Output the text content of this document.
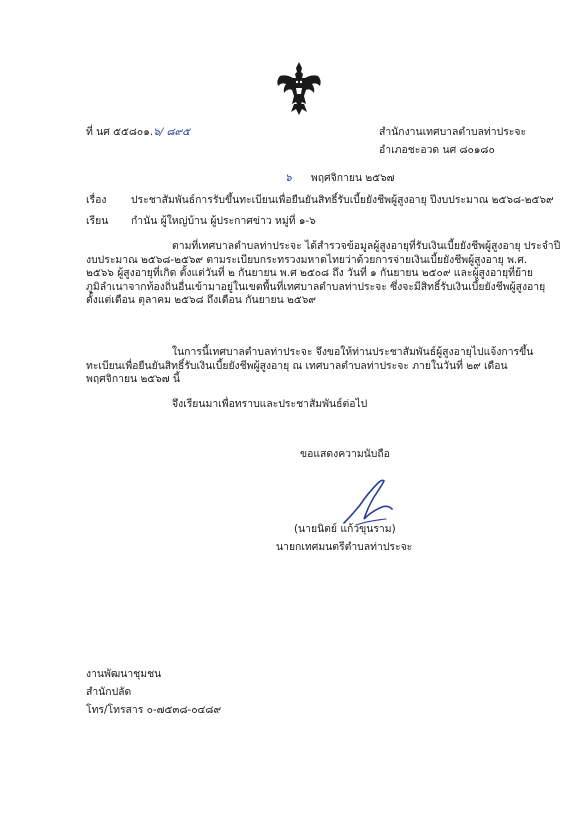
ที่ นศ ๕๕๘๐๑.๖/ ๘๙๕	สำนักงานเทศบาลตำบลท่าประจะ
อำเภอชะอวด นศ ๘๐๑๘๐
๖ พฤศจิกายน ๒๕๖๗
เรื่อง ประชาสัมพันธ์การรับขึ้นทะเบียนเพื่อยืนยันสิทธิ์รับเบี้ยยังชีพผู้สูงอายุ ปีงบประมาณ ๒๕๖๘-๒๕๖๙
เรียน กำนัน ผู้ใหญ่บ้าน ผู้ประกาศข่าว หมู่ที่ ๑-๖
ตามที่เทศบาลตำบลท่าประจะ ได้สำรวจข้อมูลผู้สูงอายุที่รับเงินเบี้ยยังชีพผู้สูงอายุ ประจำปี
งบประมาณ ๒๕๖๘-๒๕๖๙ ตามระเบียบกระทรวงมหาดไทยว่าด้วยการจ่ายเงินเบี้ยยังชีพผู้สูงอายุ พ.ศ.
๒๕๖๖ ผู้สูงอายุที่เกิด ตั้งแต่วันที่ ๒ กันยายน พ.ศ ๒๕๐๘ ถึง วันที่ ๑ กันยายน ๒๕๐๙ และผู้สูงอายุที่ย้าย
ภูมิลำเนาจากท้องถิ่นอื่นเข้ามาอยู่ในเขตพื้นที่เทศบาลตำบลท่าประจะ ซึ่งจะมีสิทธิ์รับเงินเบี้ยยังชีพผู้สูงอายุ
ตั้งแต่เดือน ตุลาคม ๒๕๖๘ ถึงเดือน กันยายน ๒๕๖๙
ในการนี้เทศบาลตำบลท่าประจะ จึงขอให้ท่านประชาสัมพันธ์ผู้สูงอายุไปแจ้งการขึ้น
ทะเบียนเพื่อยืนยันสิทธิ์รับเงินเบี้ยยังชีพผู้สูงอายุ ณ เทศบาลตำบลท่าประจะ ภายในวันที่ ๒๙ เดือน
พฤศจิกายน ๒๕๖๗ นี้
จึงเรียนมาเพื่อทราบและประชาสัมพันธ์ต่อไป
ขอแสดงความนับถือ
(นายนิตย์ แก้วขุนราม)
นายกเทศมนตรีตำบลท่าประจะ
งานพัฒนาชุมชน
สำนักปลัด
โทร/โทรสาร ๐-๗๕๓๘-๐๔๘๙
